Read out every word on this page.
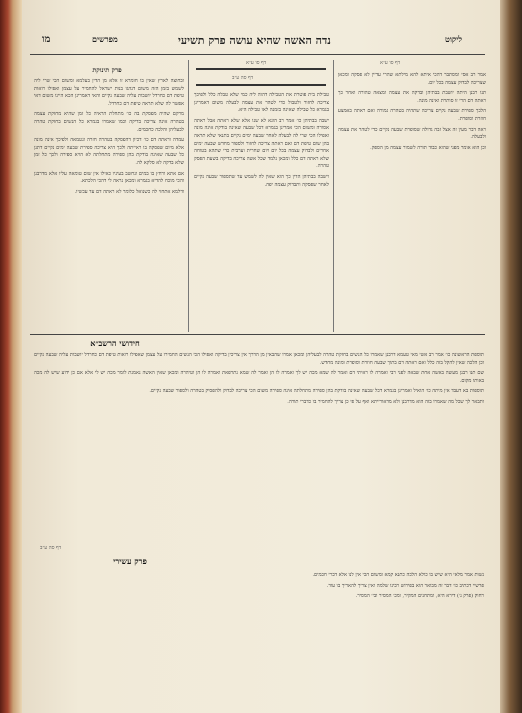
מו	מפרשים	נדה האשה שהיא עושה פרק תשיעי	ליקוט
פרק תינוקת

ובחוצה לארץ שאין בו חומרא זו אלא מן הדין בעלמא ומשום הכי שרי ליה לשמש בזמן הזה משום דנהגו בנות ישראל להחמיר על עצמן ואפילו רואות טיפת דם כחרדל יושבות עליה שבעה נקיים והאי דאמרינן הכא היינו משום דאי אפשר לה שלא תראה טיפת דם כחרדל.

מרקם שהיה מפסקת בה כו׳ מתחלת הראיה כל זמן שהיא מחזקת עצמה בטהרה אינה צריכה בדיקה וכמו שאמרו בגמרא כל הנשים בחזקת טהרה לבעליהן והלכה כחכמים.

עמדה וראתה דם כו׳ דכיון דהפסקה בטהרה חזרה ונטמאה ולפיכך אינה מונה אלא מיום שפסקה בו ראייתה ולכך היא צריכה ספירת שבעה ימים נקיים דתנן כל שבעה שאינה בודקת בהן ספירה מתחלתה לא הויא ספירה ולכך כל זמן שלא בדקה לא סלקא לה.

אם אתא ורחץ בו במים ונחשב בעיניו כאילו אין שום טומאה עליו אלא מדרבנן והכי מוכח להדיא בגמרא ומכאן נראה לי דהכי הלכתא.

ודלמא אתחזי לה כשנואל כלומר לא ראתה דם עד עכשיו.

דף סו ע״א
דף סה ע״ב

טבילת בית פוטרת את הטבילה דהוה ליה כמי שלא טבלה כלל ולפיכך צריכה לחזור ולטבול כדי לטהר את עצמה לבעלה משום דאמרינן בגמרא כל טבילה שאינה בזמנה לאו טבילה היא.

ישבה בבתיהן כו׳ אמר רב הונא לא שנו אלא שלא ראתה אבל ראתה אסורה ומשום הכי אמרינן בגמרא דכל שבעה שאינה בודקת אינה מונה ואפילו הכי שרי לה לבעלה לאחר שבעה ימים נקיים בתנאי שלא תראה בהן שום טיפת דם ואם ראתה צריכה לחזור ולספור מחדש שבעה ימים אחרים ולבדוק עצמה בכל יום ויום שחרית וערבית כדי שתהא בטוחה שלא ראתה דם כלל ומכאן נלמד שכל אשה צריכה בדיקה בשעת הפסק טהרה.

וישבה בבתיהן הדין כך הוא שאין לה לשמש עד שתספור שבעה נקיים לאחר שפסקה ותבדוק עצמה יפה.

דף סו ע״א

אמר רב אסי ומסתבר דהכי איתא להא מילתא שהרי עדיין לא פסקה ומכאן שצריכה לבדוק עצמה בכל יום.

תנו רבנן היתה יושבת בבתיהן ובדקה את עצמה ומצאה טהורה ואחר כך ראתה דם הרי זו סותרת ואינה מונה.

הלכך ספירת שבעה נקיים צריכה שתהיה בטהרה גמורה ואם ראתה באמצע חוזרת וסופרת.

ראה דבר מעין זה אצל זבה גדולה שסופרת שבעה נקיים כדי לטהר את עצמה ולבעלה.

וכן הוא אומר מפני שהוא כבוד תורה לשמור עצמה מן הספק.

חידושי הרשב״א

תוספת הראשונה כו׳ אמר רב אשי מאי טעמא דרבנן שאמרו כל הנשים בחזקת טהרה לבעליהן ומכאן אמרו שהבאין מן הדרך אין צריכין בדיקה ואפילו הכי הנשים החמירו על עצמן שאפילו רואות טיפת דם כחרדל יושבות עליה שבעה נקיים וכן הלכה שאין להקל בזה כלל ואם ראתה דם בתוך שבעה חוזרת וסופרת ומונה מחדש.

שם תנו רבנן מעשה באשה אחת שבאה לפני רבי ואמרה לו ראיתי דם ואמר לה שמא מכה יש לך ואמרה לו הן ואמר לה שמא נתרפאת ואמרה לו הן וטיהרה ומכאן שאין האשה נאמנת לומר מכה יש לי אלא אם כן ידוע שיש לה מכה באותו מקום.

תוספות בא דעבד אין מיתה כו׳ הואיל ואמרינן בגמרא דכל שבעה שאינה בודקת בהן ספירה מתחלתה אינה ספירה משום הכי צריכה לבדוק ולהפסיק בטהרה ולספור שבעה נקיים.

ותבאר לך שכל מה שאמרו בזה הוא מדרבנן ולא מדאורייתא ואף על פי כן צריך להחמיר בו כדברי תורה.

דף סה ע״ב
פרק עשירי

נשות אמר מלאי היא שיש בו כולא הלכה כתנא קמא ומשום הכי אין לנו אלא דברי חכמים.

פרשיי דכתיב כו׳ דבר זה מבואר הוא בפירוש רבינו שלמה ואין צריך להאריך בו עוד.

רחוק (פרק נ׳) דירא היא, ומתחנים המקיר, ומכ׳ המסיר ובי׳ המסיר.
